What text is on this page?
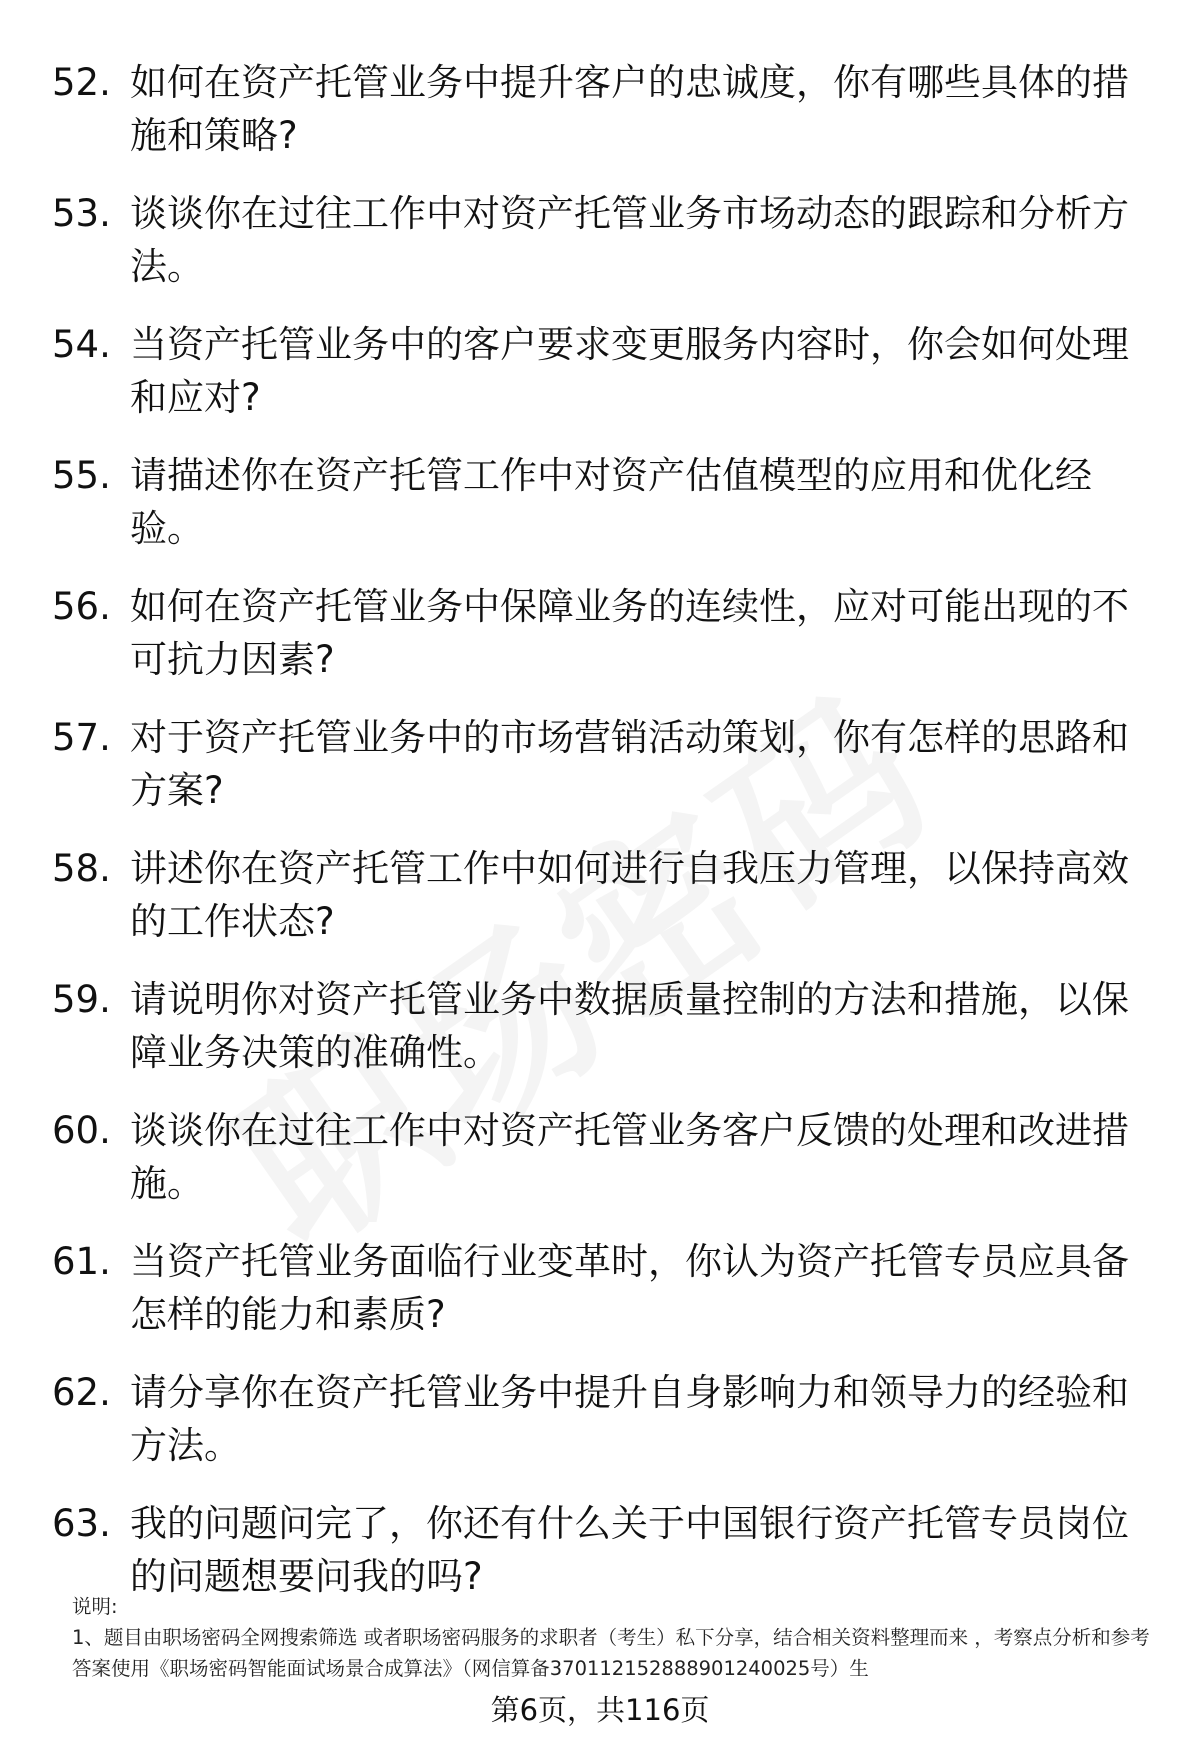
52. 如何在资产托管业务中提升客户的忠诚度，你有哪些具体的措施和策略?
53. 谈谈你在过往工作中对资产托管业务市场动态的跟踪和分析方法。
54. 当资产托管业务中的客户要求变更服务内容时，你会如何处理和应对?
55. 请描述你在资产托管工作中对资产估值模型的应用和优化经验。
56. 如何在资产托管业务中保障业务的连续性，应对可能出现的不可抗力因素?
57. 对于资产托管业务中的市场营销活动策划，你有怎样的思路和方案?
58. 讲述你在资产托管工作中如何进行自我压力管理，以保持高效的工作状态?
59. 请说明你对资产托管业务中数据质量控制的方法和措施，以保障业务决策的准确性。
60. 谈谈你在过往工作中对资产托管业务客户反馈的处理和改进措施。
61. 当资产托管业务面临行业变革时，你认为资产托管专员应具备怎样的能力和素质?
62. 请分享你在资产托管业务中提升自身影响力和领导力的经验和方法。
63. 我的问题问完了，你还有什么关于中国银行资产托管专员岗位的问题想要问我的吗?

说明:

1、题目由职场密码全网搜索筛选 或者职场密码服务的求职者（考生）私下分享，结合相关资料整理而来 ，考察点分析和参考答案使用《职场密码智能面试场景合成算法》（网信算备370112152888901240025号）生

第6页，共116页
